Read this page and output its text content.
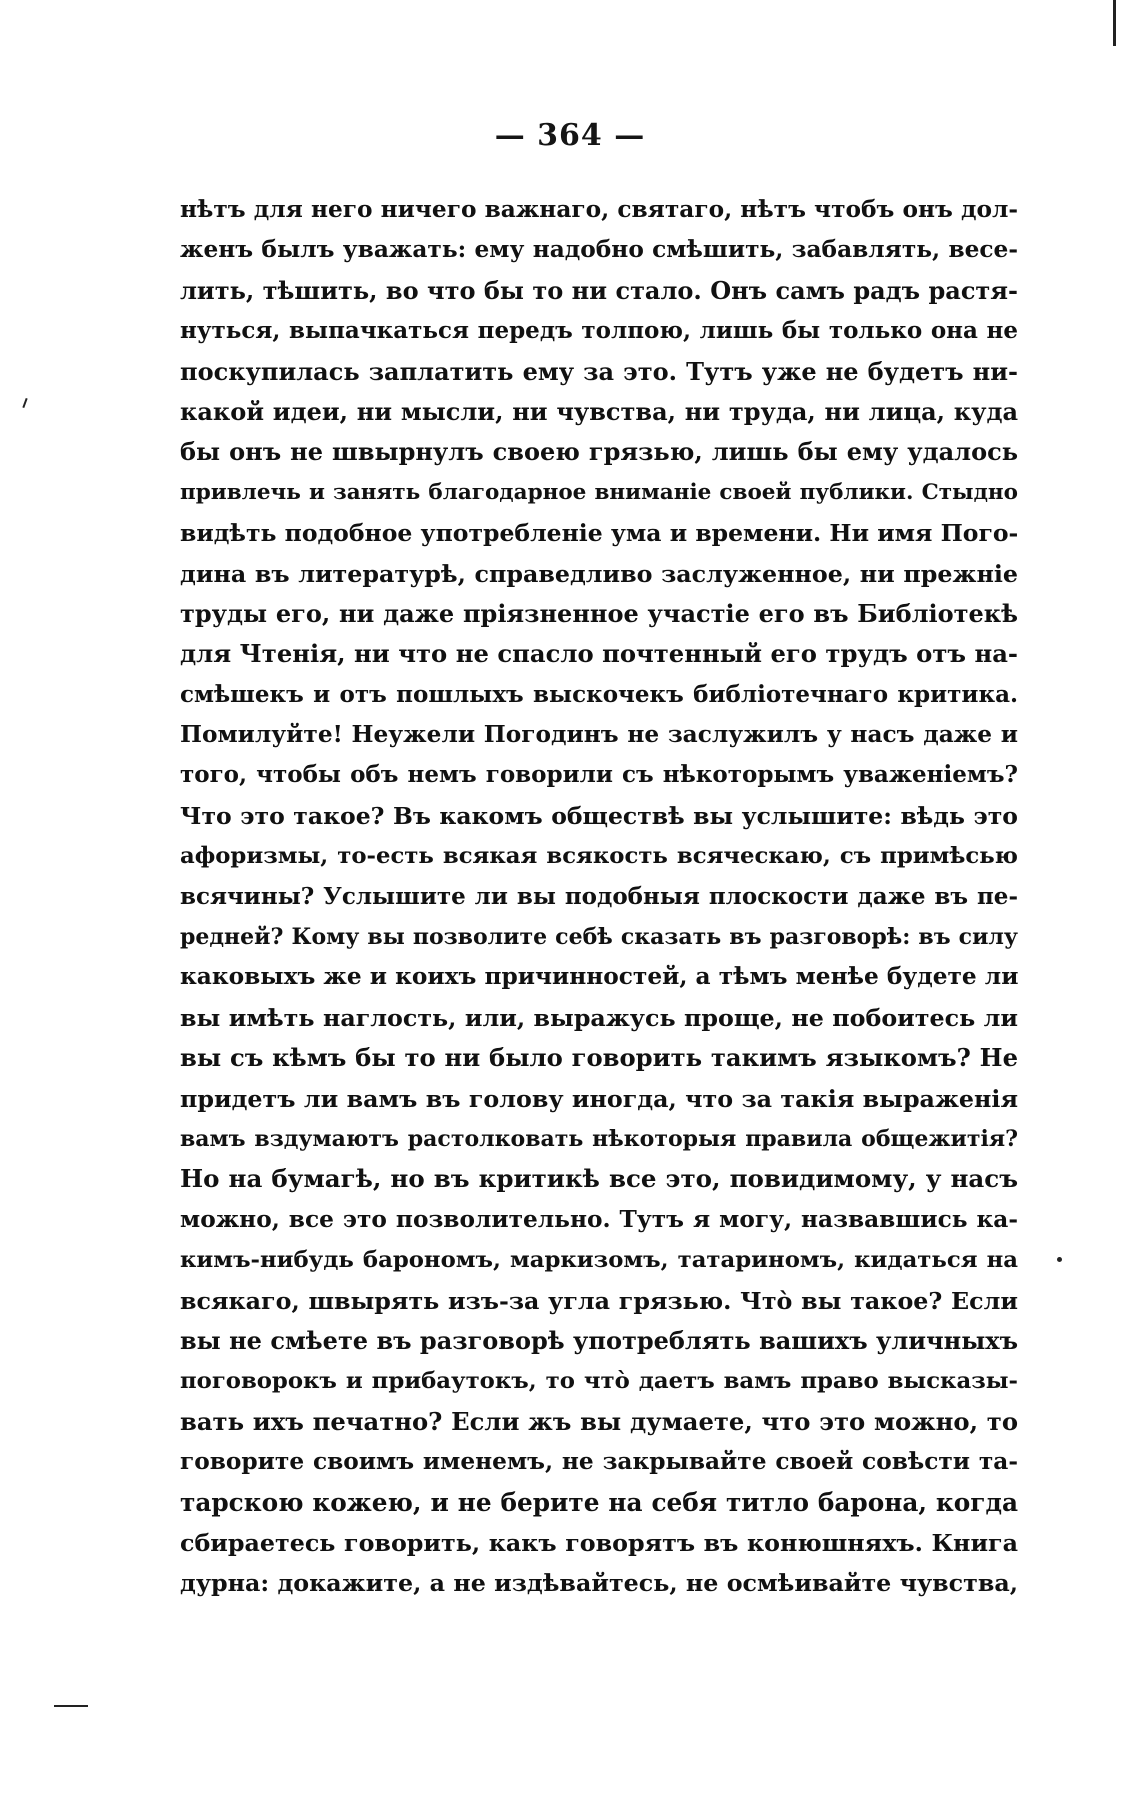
— 364 —
нѣтъ для него ничего важнаго, святаго, нѣтъ чтобъ онъ дол-
женъ былъ уважать: ему надобно смѣшить, забавлять, весе-
лить, тѣшить, во что бы то ни стало. Онъ самъ радъ растя-
нуться, выпачкаться передъ толпою, лишь бы только она не
поскупилась заплатить ему за это. Тутъ уже не будетъ ни-
какой идеи, ни мысли, ни чувства, ни труда, ни лица, куда
бы онъ не швырнулъ своею грязью, лишь бы ему удалось
привлечь и занять благодарное вниманіе своей публики. Стыдно
видѣть подобное употребленіе ума и времени. Ни имя Пого-
дина въ литературѣ, справедливо заслуженное, ни прежніе
труды его, ни даже пріязненное участіе его въ Библіотекѣ
для Чтенія, ни что не спасло почтенный его трудъ отъ на-
смѣшекъ и отъ пошлыхъ выскочекъ библіотечнаго критика.
Помилуйте! Неужели Погодинъ не заслужилъ у насъ даже и
того, чтобы объ немъ говорили съ нѣкоторымъ уваженіемъ?
Что это такое? Въ какомъ обществѣ вы услышите: вѣдь это
афоризмы, то-есть всякая всякость всяческаю, съ примѣсью
всячины? Услышите ли вы подобныя плоскости даже въ пе-
редней? Кому вы позволите себѣ сказать въ разговорѣ: въ силу
каковыхъ же и коихъ причинностей, а тѣмъ менѣе будете ли
вы имѣть наглость, или, выражусь проще, не побоитесь ли
вы съ кѣмъ бы то ни было говорить такимъ языкомъ? Не
придетъ ли вамъ въ голову иногда, что за такія выраженія
вамъ вздумаютъ растолковать нѣкоторыя правила общежитія?
Но на бумагѣ, но въ критикѣ все это, повидимому, у насъ
можно, все это позволительно. Тутъ я могу, назвавшись ка-
кимъ-нибудь барономъ, маркизомъ, татариномъ, кидаться на
всякаго, швырять изъ-за угла грязью. Чтò вы такое? Если
вы не смѣете въ разговорѣ употреблять вашихъ уличныхъ
поговорокъ и прибаутокъ, то чтò даетъ вамъ право высказы-
вать ихъ печатно? Если жъ вы думаете, что это можно, то
говорите своимъ именемъ, не закрывайте своей совѣсти та-
тарскою кожею, и не берите на себя титло барона, когда
сбираетесь говорить, какъ говорятъ въ конюшняхъ. Книга
дурна: докажите, а не издѣвайтесь, не осмѣивайте чувства,
